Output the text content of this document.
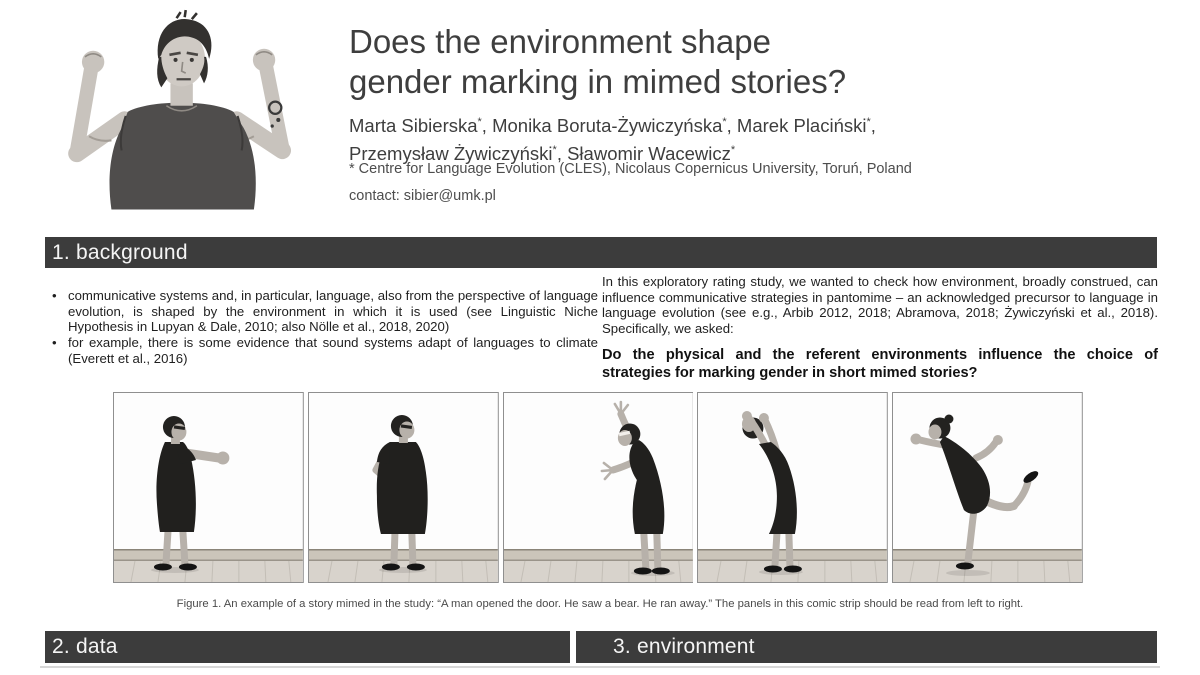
Does the environment shape
gender marking in mimed stories?
Marta Sibierska*, Monika Boruta-Żywiczyńska*, Marek Placiński*,
Przemysław Żywiczyński*, Sławomir Wacewicz*
* Centre for Language Evolution (CLES), Nicolaus Copernicus University, Toruń, Poland
contact: sibier@umk.pl
1. background
• communicative systems and, in particular, language, also from the perspective of language evolution, is shaped by the environment in which it is used (see Linguistic Niche Hypothesis in Lupyan & Dale, 2010; also Nölle et al., 2018, 2020)
• for example, there is some evidence that sound systems adapt of languages to climate (Everett et al., 2016)
In this exploratory rating study, we wanted to check how environment, broadly construed, can influence communicative strategies in pantomime – an acknowledged precursor to language in language evolution (see e.g., Arbib 2012, 2018; Abramova, 2018; Żywiczyński et al., 2018). Specifically, we asked:
Do the physical and the referent environments influence the choice of strategies for marking gender in short mimed stories?
Figure 1. An example of a story mimed in the study: “A man opened the door. He saw a bear. He ran away.” The panels in this comic strip should be read from left to right.
2. data	3. environment
